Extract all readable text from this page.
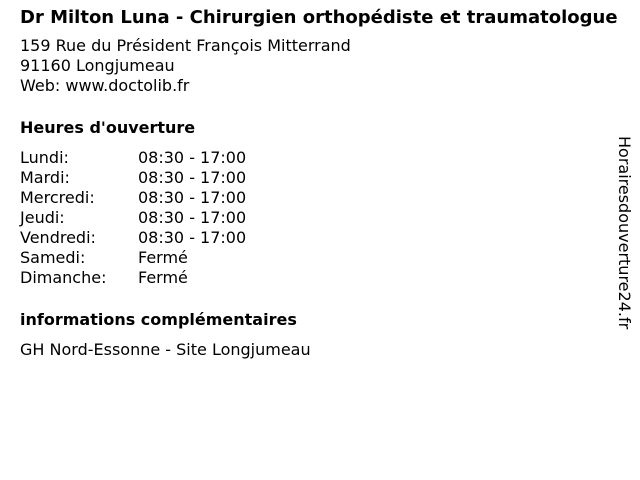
Dr Milton Luna - Chirurgien orthopédiste et traumatologue
159 Rue du Président François Mitterrand
91160 Longjumeau
Web: www.doctolib.fr
Heures d'ouverture
Lundi:	08:30 - 17:00
Mardi:	08:30 - 17:00
Mercredi:	08:30 - 17:00
Jeudi:	08:30 - 17:00
Vendredi:	08:30 - 17:00
Samedi:	Fermé
Dimanche:	Fermé
informations complémentaires
GH Nord-Essonne - Site Longjumeau
Horairesdouverture24.fr
